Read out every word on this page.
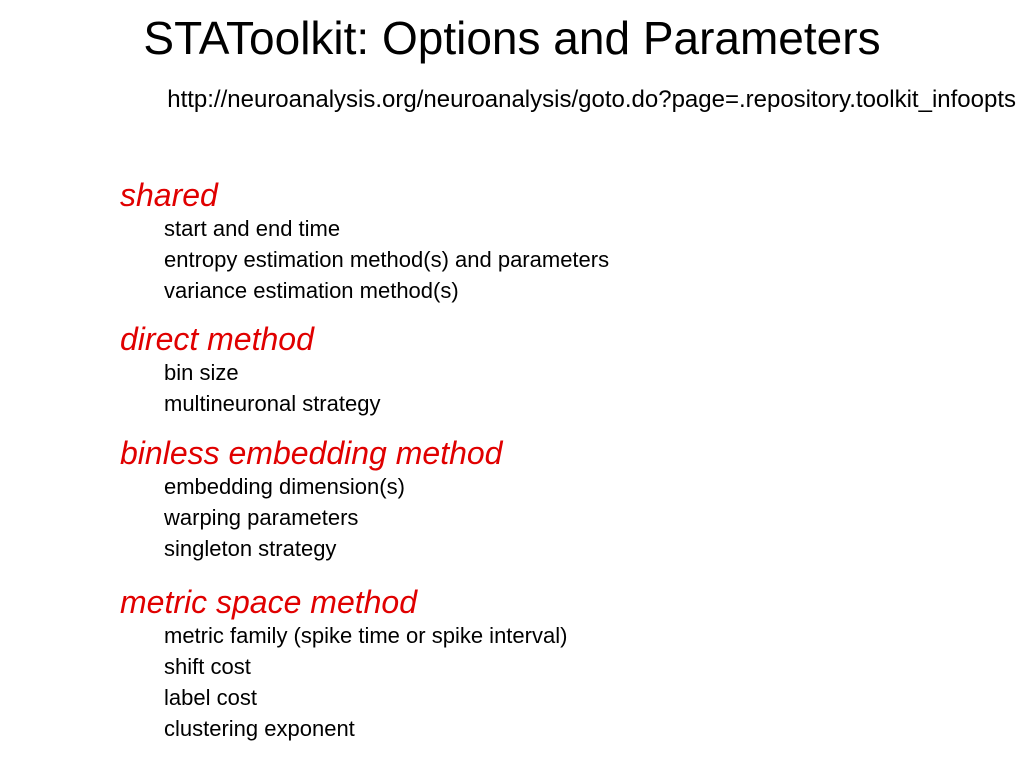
STAToolkit: Options and Parameters
http://neuroanalysis.org/neuroanalysis/goto.do?page=.repository.toolkit_infoopts
shared
start and end time
entropy estimation method(s) and parameters
variance estimation method(s)
direct method
bin size
multineuronal strategy
binless embedding method
embedding dimension(s)
warping parameters
singleton strategy
metric space method
metric family (spike time or spike interval)
shift cost
label cost
clustering exponent
